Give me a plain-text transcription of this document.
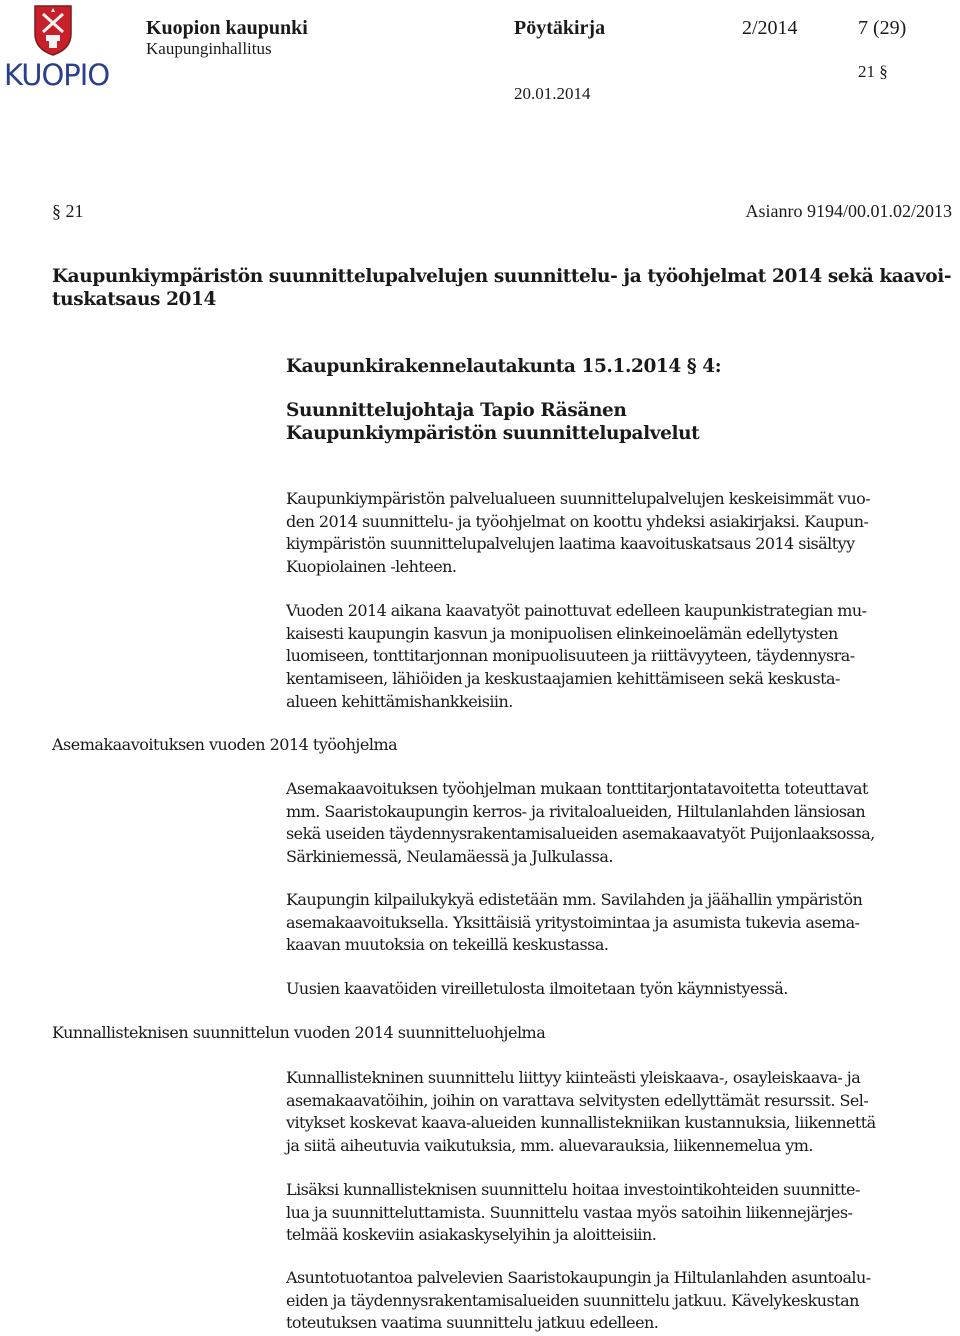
KUOPIO
Kuopion kaupunki
Kaupunginhallitus
Pöytäkirja	2/2014	7 (29)
21 §
20.01.2014
§ 21	Asianro 9194/00.01.02/2013
Kaupunkiympäristön suunnittelupalvelujen suunnittelu- ja työohjelmat 2014 sekä kaavoi-
tuskatsaus 2014
Kaupunkirakennelautakunta 15.1.2014 § 4:
Suunnittelujohtaja Tapio Räsänen
Kaupunkiympäristön suunnittelupalvelut
Kaupunkiympäristön palvelualueen suunnittelupalvelujen keskeisimmät vuo-
den 2014 suunnittelu- ja työohjelmat on koottu yhdeksi asiakirjaksi. Kaupun-
kiympäristön suunnittelupalvelujen laatima kaavoituskatsaus 2014 sisältyy
Kuopiolainen -lehteen.
Vuoden 2014 aikana kaavatyöt painottuvat edelleen kaupunkistrategian mu-
kaisesti kaupungin kasvun ja monipuolisen elinkeinoelämän edellytysten
luomiseen, tonttitarjonnan monipuolisuuteen ja riittävyyteen, täydennysra-
kentamiseen, lähiöiden ja keskustaajamien kehittämiseen sekä keskusta-
alueen kehittämishankkeisiin.
Asemakaavoituksen vuoden 2014 työohjelma
Asemakaavoituksen työohjelman mukaan tonttitarjontatavoitetta toteuttavat
mm. Saaristokaupungin kerros- ja rivitaloalueiden, Hiltulanlahden länsiosan
sekä useiden täydennysrakentamisalueiden asemakaavatyöt Puijonlaaksossa,
Särkiniemessä, Neulamäessä ja Julkulassa.
Kaupungin kilpailukykyä edistetään mm. Savilahden ja jäähallin ympäristön
asemakaavoituksella. Yksittäisiä yritystoimintaa ja asumista tukevia asema-
kaavan muutoksia on tekeillä keskustassa.
Uusien kaavatöiden vireilletulosta ilmoitetaan työn käynnistyessä.
Kunnallisteknisen suunnittelun vuoden 2014 suunnitteluohjelma
Kunnallistekninen suunnittelu liittyy kiinteästi yleiskaava-, osayleiskaava- ja
asemakaavatöihin, joihin on varattava selvitysten edellyttämät resurssit. Sel-
vitykset koskevat kaava-alueiden kunnallistekniikan kustannuksia, liikennettä
ja siitä aiheutuvia vaikutuksia, mm. aluevarauksia, liikennemelua ym.
Lisäksi kunnallisteknisen suunnittelu hoitaa investointikohteiden suunnitte-
lua ja suunnitteluttamista. Suunnittelu vastaa myös satoihin liikennejärjes-
telmää koskeviin asiakaskyselyihin ja aloitteisiin.
Asuntotuotantoa palvelevien Saaristokaupungin ja Hiltulanlahden asuntoalu-
eiden ja täydennysrakentamisalueiden suunnittelu jatkuu. Kävelykeskustan
toteutuksen vaatima suunnittelu jatkuu edelleen.
